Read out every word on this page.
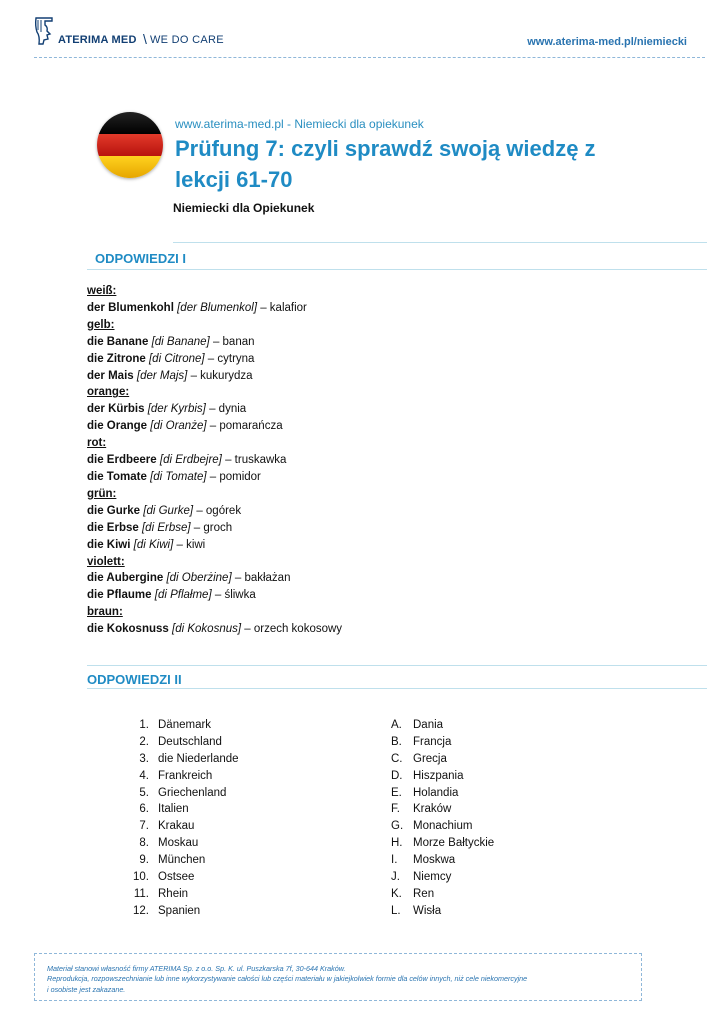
ATERIMA MED \ WE DO CARE	www.aterima-med.pl/niemiecki
www.aterima-med.pl - Niemiecki dla opiekunek
Prüfung 7: czyli sprawdź swoją wiedzę z lekcji 61-70
Niemiecki dla Opiekunek
ODPOWIEDZI I
weiß:
der Blumenkohl [der Blumenkol] – kalafior
gelb:
die Banane [di Banane] – banan
die Zitrone [di Citrone] – cytryna
der Mais [der Majs] – kukurydza
orange:
der Kürbis [der Kyrbis] – dynia
die Orange [di Oranże] – pomarańcza
rot:
die Erdbeere [di Erdbejre] – truskawka
die Tomate [di Tomate] – pomidor
grün:
die Gurke [di Gurke] – ogórek
die Erbse [di Erbse] – groch
die Kiwi [di Kiwi] – kiwi
violett:
die Aubergine [di Oberżine] – bakłażan
die Pflaume [di Pflałme] – śliwka
braun:
die Kokosnuss [di Kokosnus] – orzech kokosowy
ODPOWIEDZI II
1. Dänemark
2. Deutschland
3. die Niederlande
4. Frankreich
5. Griechenland
6. Italien
7. Krakau
8. Moskau
9. München
10. Ostsee
11. Rhein
12. Spanien
A. Dania
B. Francja
C. Grecja
D. Hiszpania
E. Holandia
F.	Kraków
G. Monachium
H. Morze Bałtyckie
I.	Moskwa
J.	Niemcy
K. Ren
L.	Wisła
Materiał stanowi własność firmy ATERIMA Sp. z o.o. Sp. K. ul. Puszkarska 7f, 30-644 Kraków.
Reprodukcja, rozpowszechnianie lub inne wykorzystywanie całości lub części materiału w jakiejkolwiek formie dla celów innych, niż cele niekomercyjne
i osobiste jest zakazane.
